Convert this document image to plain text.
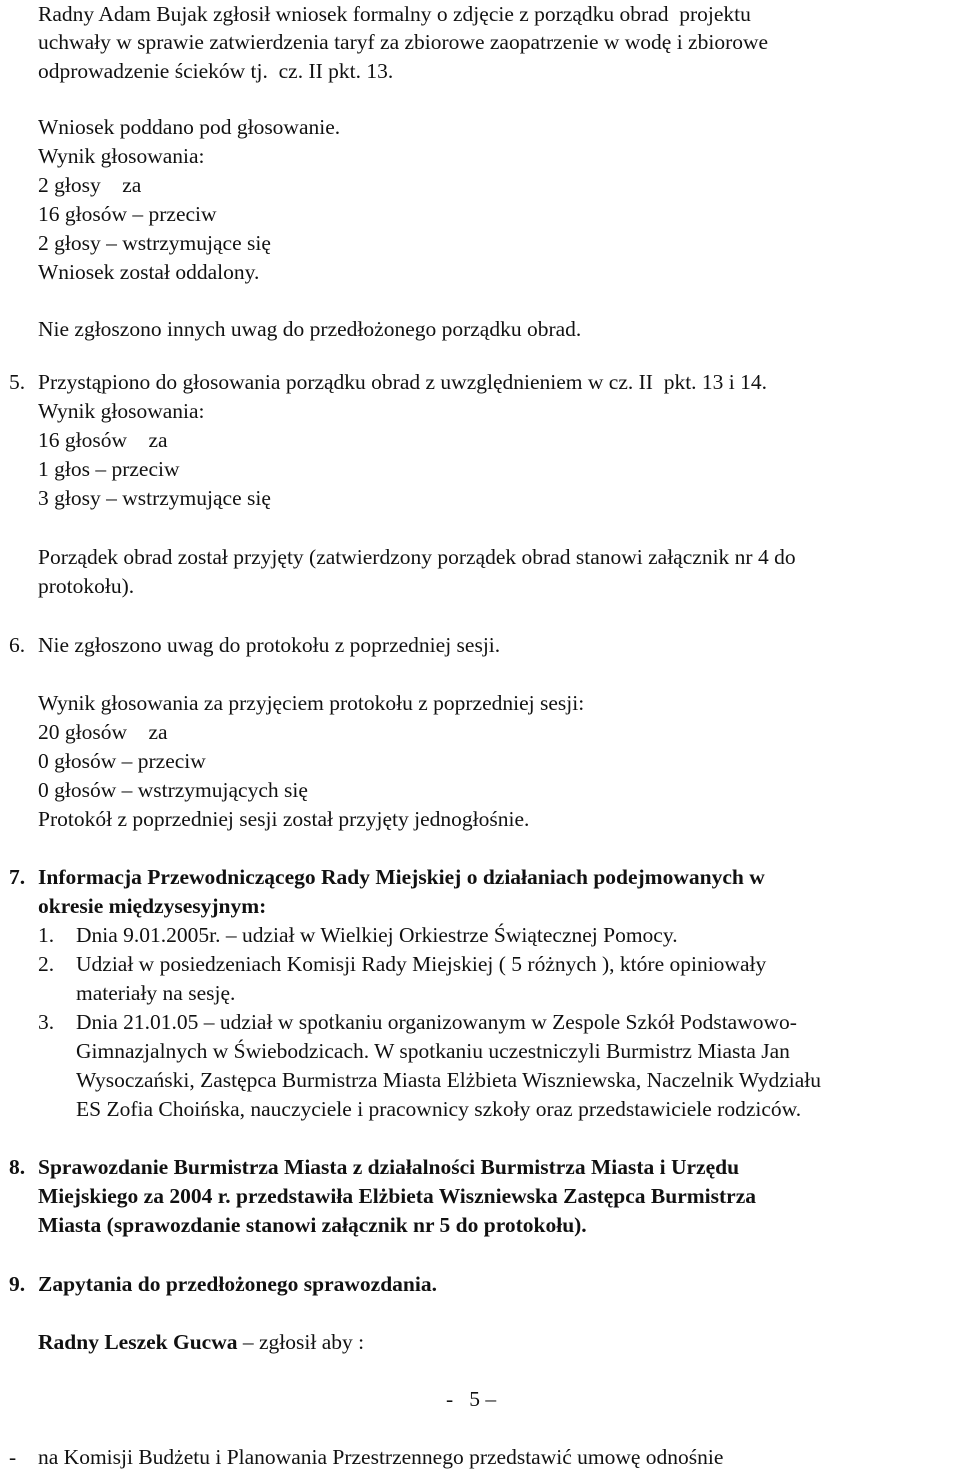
Radny Adam Bujak zgłosił wniosek formalny o zdjęcie z porządku obrad  projektu
uchwały w sprawie zatwierdzenia taryf za zbiorowe zaopatrzenie w wodę i zbiorowe
odprowadzenie ścieków tj.  cz. II pkt. 13.
Wniosek poddano pod głosowanie.
Wynik głosowania:
2 głosy    za
16 głosów – przeciw
2 głosy – wstrzymujące się
Wniosek został oddalony.
Nie zgłoszono innych uwag do przedłożonego porządku obrad.
5. Przystąpiono do głosowania porządku obrad z uwzględnieniem w cz. II  pkt. 13 i 14.
Wynik głosowania:
16 głosów    za
1 głos – przeciw
3 głosy – wstrzymujące się
Porządek obrad został przyjęty (zatwierdzony porządek obrad stanowi załącznik nr 4 do
protokołu).
6. Nie zgłoszono uwag do protokołu z poprzedniej sesji.
Wynik głosowania za przyjęciem protokołu z poprzedniej sesji:
20 głosów    za
0 głosów – przeciw
0 głosów – wstrzymujących się
Protokół z poprzedniej sesji został przyjęty jednogłośnie.
7. Informacja Przewodniczącego Rady Miejskiej o działaniach podejmowanych w
okresie międzysesyjnym:
1. Dnia 9.01.2005r. – udział w Wielkiej Orkiestrze Świątecznej Pomocy.
2. Udział w posiedzeniach Komisji Rady Miejskiej ( 5 różnych ), które opiniowały
materiały na sesję.
3. Dnia 21.01.05 – udział w spotkaniu organizowanym w Zespole Szkół Podstawowo-
Gimnazjalnych w Świebodzicach. W spotkaniu uczestniczyli Burmistrz Miasta Jan
Wysoczański, Zastępca Burmistrza Miasta Elżbieta Wiszniewska, Naczelnik Wydziału
ES Zofia Choińska, nauczyciele i pracownicy szkoły oraz przedstawiciele rodziców.
8. Sprawozdanie Burmistrza Miasta z działalności Burmistrza Miasta i Urzędu
Miejskiego za 2004 r. przedstawiła Elżbieta Wiszniewska Zastępca Burmistrza
Miasta (sprawozdanie stanowi załącznik nr 5 do protokołu).
9. Zapytania do przedłożonego sprawozdania.
Radny Leszek Gucwa – zgłosił aby :
-   5 –
- na Komisji Budżetu i Planowania Przestrzennego przedstawić umowę odnośnie
